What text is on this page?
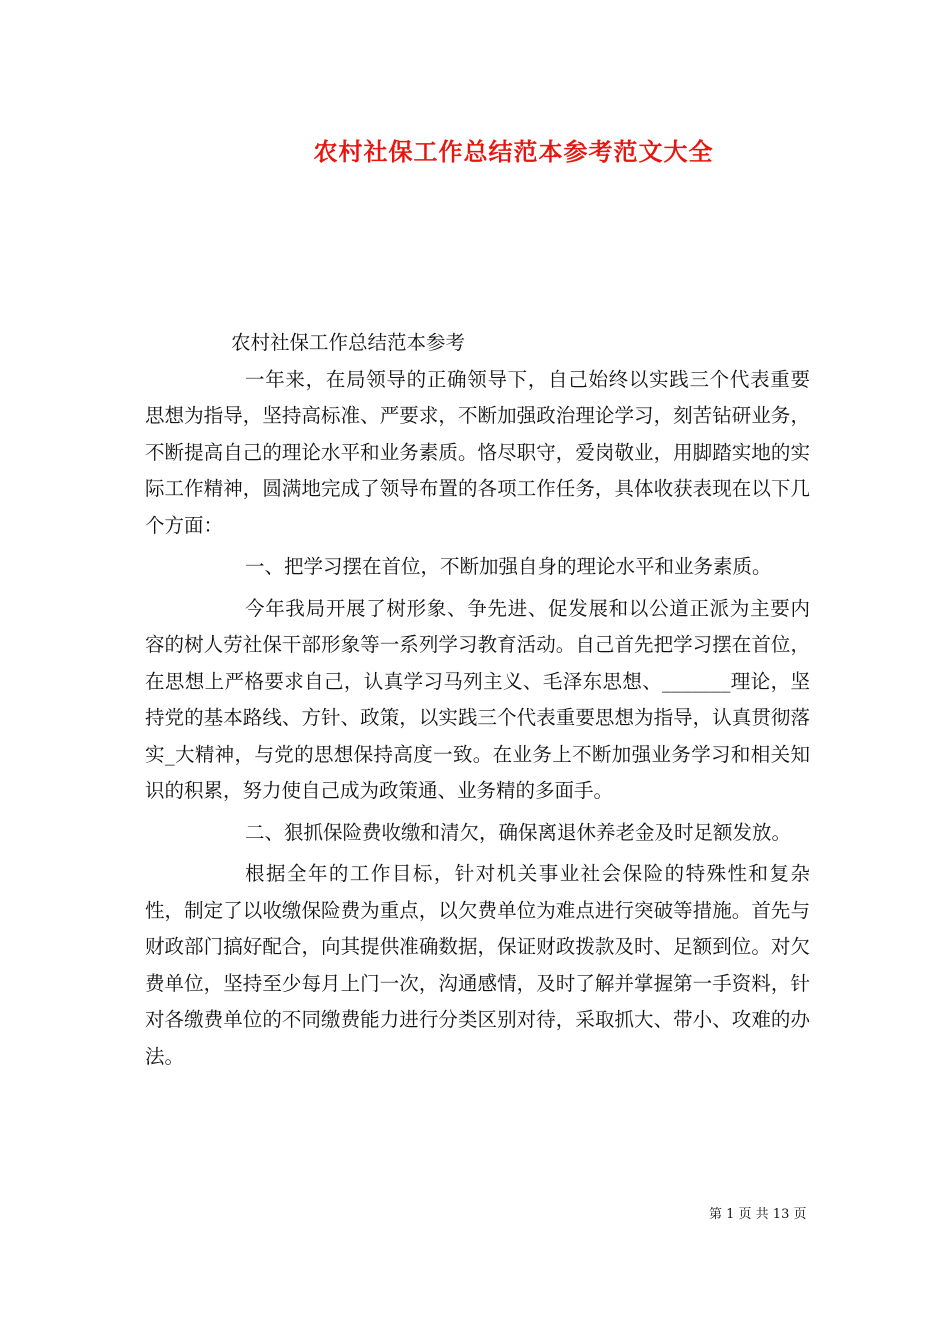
农村社保工作总结范本参考范文大全

农村社保工作总结范本参考

一年来，在局领导的正确领导下，自己始终以实践三个代表重要思想为指导，坚持高标准、严要求，不断加强政治理论学习，刻苦钻研业务，不断提高自己的理论水平和业务素质。恪尽职守，爱岗敬业，用脚踏实地的实际工作精神，圆满地完成了领导布置的各项工作任务，具体收获表现在以下几个方面：

一、把学习摆在首位，不断加强自身的理论水平和业务素质。

今年我局开展了树形象、争先进、促发展和以公道正派为主要内容的树人劳社保干部形象等一系列学习教育活动。自己首先把学习摆在首位，在思想上严格要求自己，认真学习马列主义、毛泽东思想、_______理论，坚持党的基本路线、方针、政策，以实践三个代表重要思想为指导，认真贯彻落实_大精神，与党的思想保持高度一致。在业务上不断加强业务学习和相关知识的积累，努力使自己成为政策通、业务精的多面手。

二、狠抓保险费收缴和清欠，确保离退休养老金及时足额发放。

根据全年的工作目标，针对机关事业社会保险的特殊性和复杂性，制定了以收缴保险费为重点，以欠费单位为难点进行突破等措施。首先与财政部门搞好配合，向其提供准确数据，保证财政拨款及时、足额到位。对欠费单位，坚持至少每月上门一次，沟通感情，及时了解并掌握第一手资料，针对各缴费单位的不同缴费能力进行分类区别对待，采取抓大、带小、攻难的办法。

第 1 页 共 13 页
